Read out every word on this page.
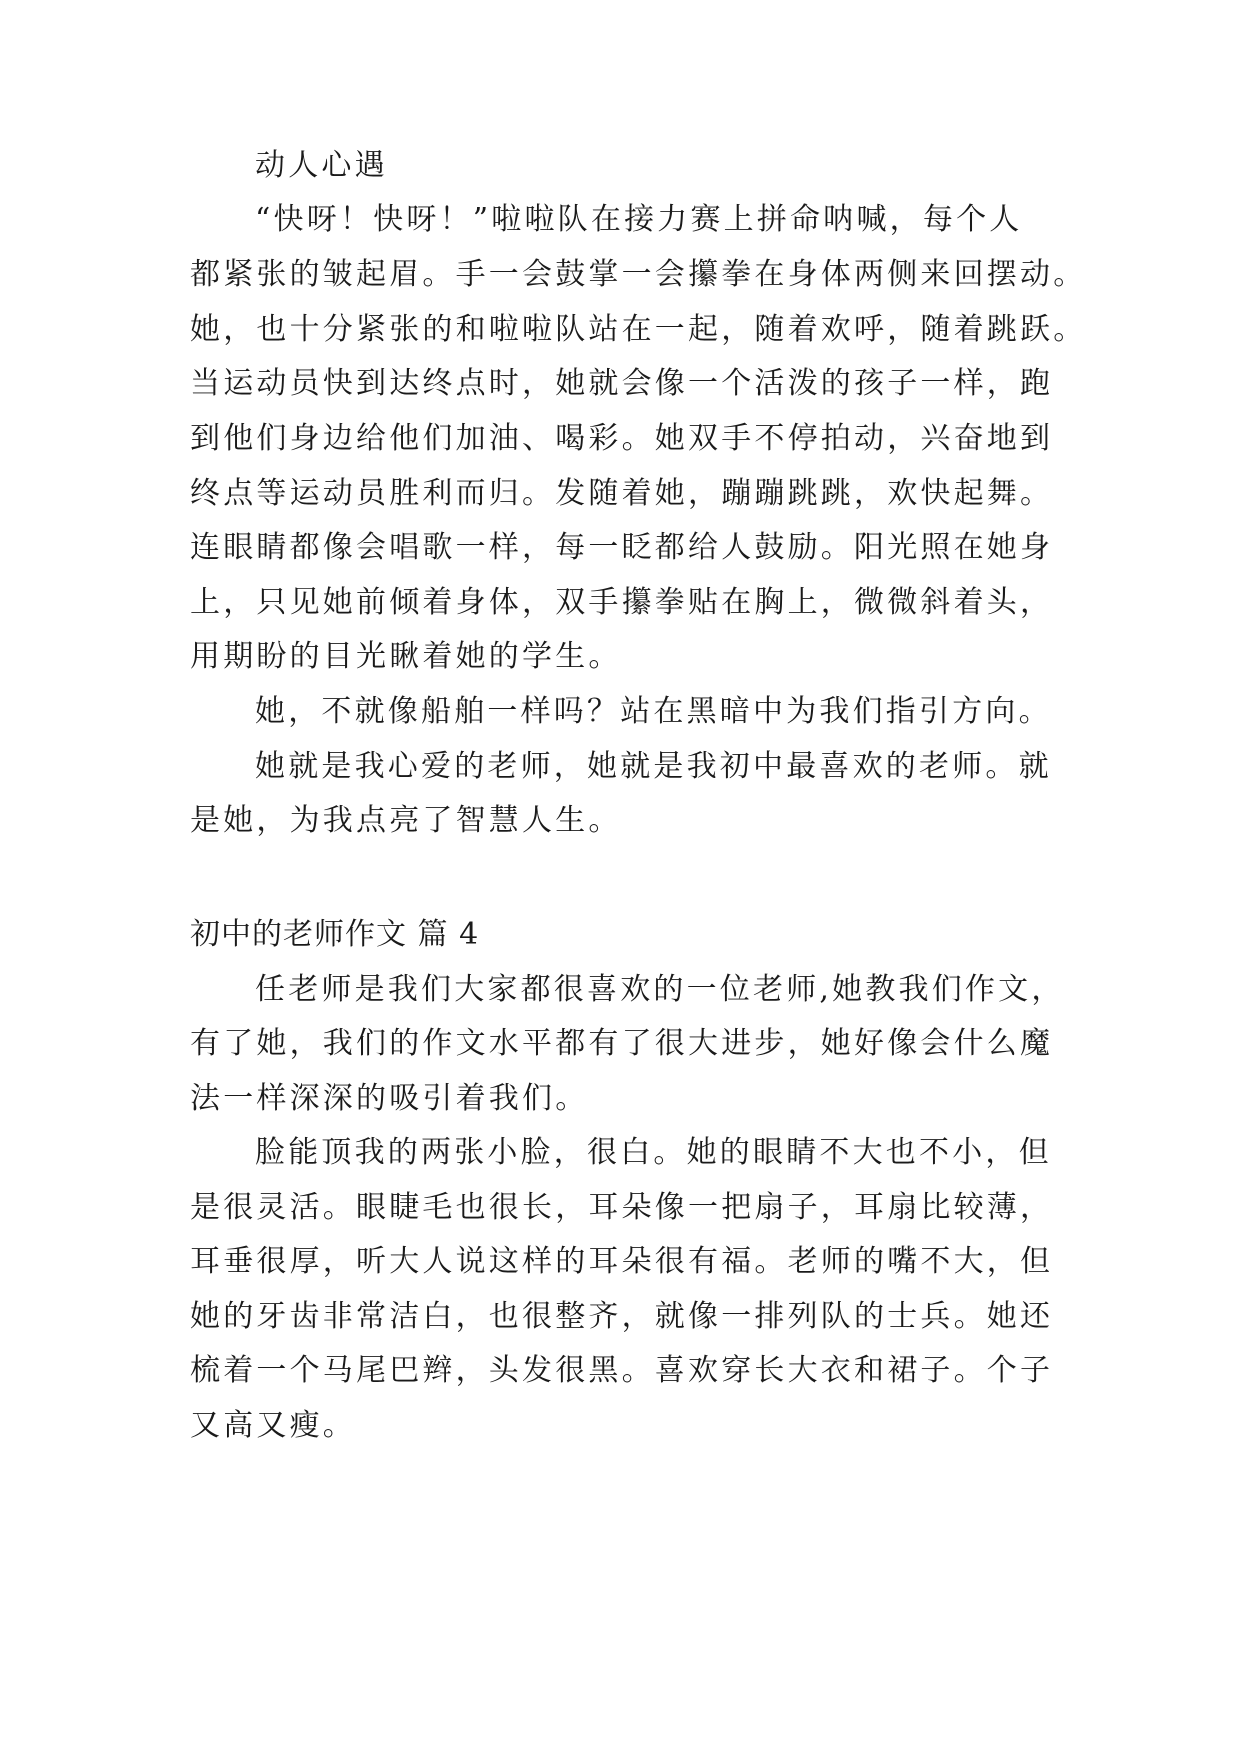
动人心遇
“快呀！快呀！”啦啦队在接力赛上拼命呐喊，每个人
都紧张的皱起眉。手一会鼓掌一会攥拳在身体两侧来回摆动。
她，也十分紧张的和啦啦队站在一起，随着欢呼，随着跳跃。
当运动员快到达终点时，她就会像一个活泼的孩子一样，跑
到他们身边给他们加油、喝彩。她双手不停拍动，兴奋地到
终点等运动员胜利而归。发随着她，蹦蹦跳跳，欢快起舞。
连眼睛都像会唱歌一样，每一眨都给人鼓励。阳光照在她身
上，只见她前倾着身体，双手攥拳贴在胸上，微微斜着头，
用期盼的目光瞅着她的学生。
她，不就像船舶一样吗？站在黑暗中为我们指引方向。
她就是我心爱的老师，她就是我初中最喜欢的老师。就
是她，为我点亮了智慧人生。
初中的老师作文 篇 4
任老师是我们大家都很喜欢的一位老师,她教我们作文，
有了她，我们的作文水平都有了很大进步，她好像会什么魔
法一样深深的吸引着我们。
脸能顶我的两张小脸，很白。她的眼睛不大也不小，但
是很灵活。眼睫毛也很长，耳朵像一把扇子，耳扇比较薄，
耳垂很厚，听大人说这样的耳朵很有福。老师的嘴不大，但
她的牙齿非常洁白，也很整齐，就像一排列队的士兵。她还
梳着一个马尾巴辫，头发很黑。喜欢穿长大衣和裙子。个子
又高又瘦。
